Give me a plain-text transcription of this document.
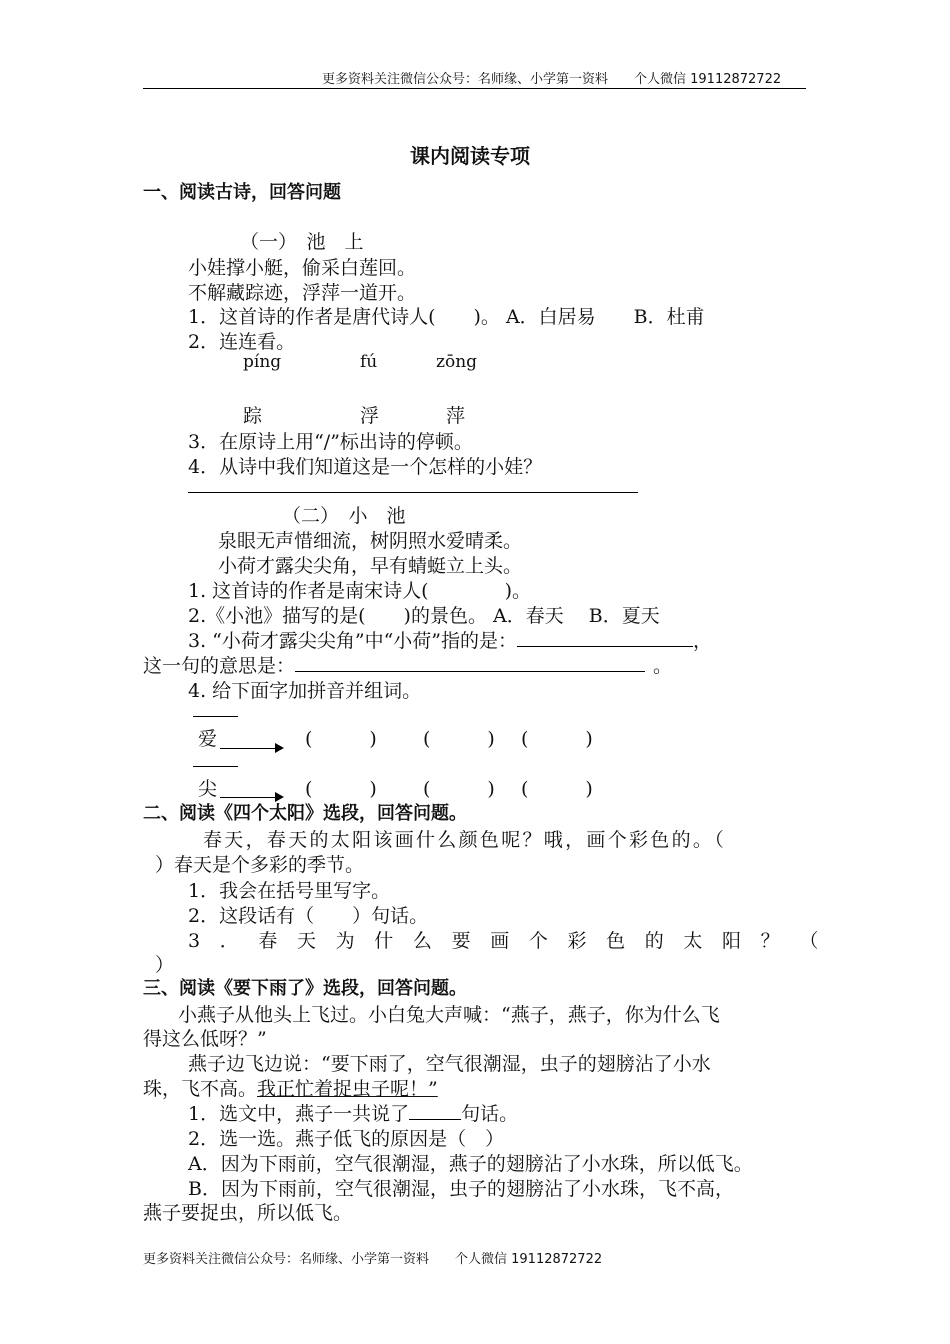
更多资料关注微信公众号：名师缘、小学第一资料　　个人微信 19112872722
课内阅读专项
一、阅读古诗，回答问题
（一）　池　上
小娃撑小艇，偷采白莲回。
不解藏踪迹，浮萍一道开。
1．这首诗的作者是唐代诗人(　　)。 A．白居易　　B．杜甫
2．连连看。
píng	fú	zōng
踪	浮	萍
3．在原诗上用“/”标出诗的停顿。
4．从诗中我们知道这是一个怎样的小娃？
（二）　小　池
泉眼无声惜细流，树阴照水爱晴柔。
小荷才露尖尖角，早有蜻蜓立上头。
1. 这首诗的作者是南宋诗人(　　　　)。
2.《小池》描写的是(　　)的景色。 A．春天　 B．夏天
3. “小荷才露尖尖角”中“小荷”指的是：	，
这一句的意思是：	。
4. 给下面字加拼音并组词。
爱	(　　　) (　　　) (　　　)
尖	(　　　) (　　　) (　　　)
二、阅读《四个太阳》选段，回答问题。
春天，春天的太阳该画什么颜色呢？哦，画个彩色的。（
）春天是个多彩的季节。
1．我会在括号里写字。
2．这段话有（　　）句话。
3 ． 春 天 为 什 么 要 画 个 彩 色 的 太 阳 ？ （
）
三、阅读《要下雨了》选段，回答问题。
小燕子从他头上飞过。小白兔大声喊：“燕子，燕子，你为什么飞
得这么低呀？”
燕子边飞边说：“要下雨了，空气很潮湿，虫子的翅膀沾了小水
珠，飞不高。我正忙着捉虫子呢！”
1．选文中，燕子一共说了	句话。
2．选一选。燕子低飞的原因是（　）
A．因为下雨前，空气很潮湿，燕子的翅膀沾了小水珠，所以低飞。
B．因为下雨前，空气很潮湿，虫子的翅膀沾了小水珠，飞不高，
燕子要捉虫，所以低飞。
更多资料关注微信公众号：名师缘、小学第一资料　　个人微信 19112872722
